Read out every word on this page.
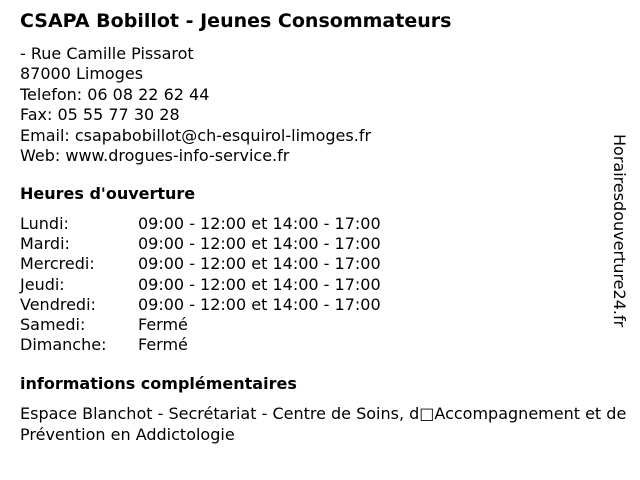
CSAPA Bobillot - Jeunes Consommateurs
- Rue Camille Pissarot
87000 Limoges
Telefon: 06 08 22 62 44
Fax: 05 55 77 30 28
Email: csapabobillot@ch-esquirol-limoges.fr
Web: www.drogues-info-service.fr
Heures d'ouverture
Lundi:	09:00 - 12:00 et 14:00 - 17:00
Mardi:	09:00 - 12:00 et 14:00 - 17:00
Mercredi:	09:00 - 12:00 et 14:00 - 17:00
Jeudi:	09:00 - 12:00 et 14:00 - 17:00
Vendredi:	09:00 - 12:00 et 14:00 - 17:00
Samedi:	Fermé
Dimanche: Fermé
informations complémentaires
Espace Blanchot - Secrétariat - Centre de Soins, d□Accompagnement et de Prévention en Addictologie
Horairesdouverture24.fr
